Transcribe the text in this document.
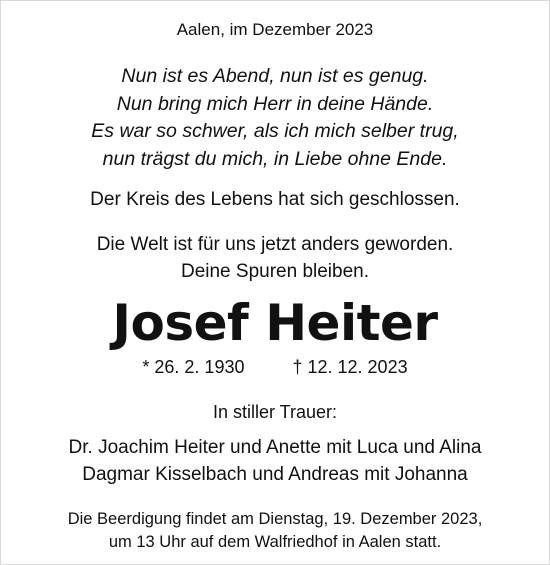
Aalen, im Dezember 2023
Nun ist es Abend, nun ist es genug.
Nun bring mich Herr in deine Hände.
Es war so schwer, als ich mich selber trug,
nun trägst du mich, in Liebe ohne Ende.
Der Kreis des Lebens hat sich geschlossen.
Die Welt ist für uns jetzt anders geworden.
Deine Spuren bleiben.
Josef Heiter
* 26. 2. 1930	† 12. 12. 2023
In stiller Trauer:
Dr. Joachim Heiter und Anette mit Luca und Alina
Dagmar Kisselbach und Andreas mit Johanna
Die Beerdigung findet am Dienstag, 19. Dezember 2023,
um 13 Uhr auf dem Walfriedhof in Aalen statt.
